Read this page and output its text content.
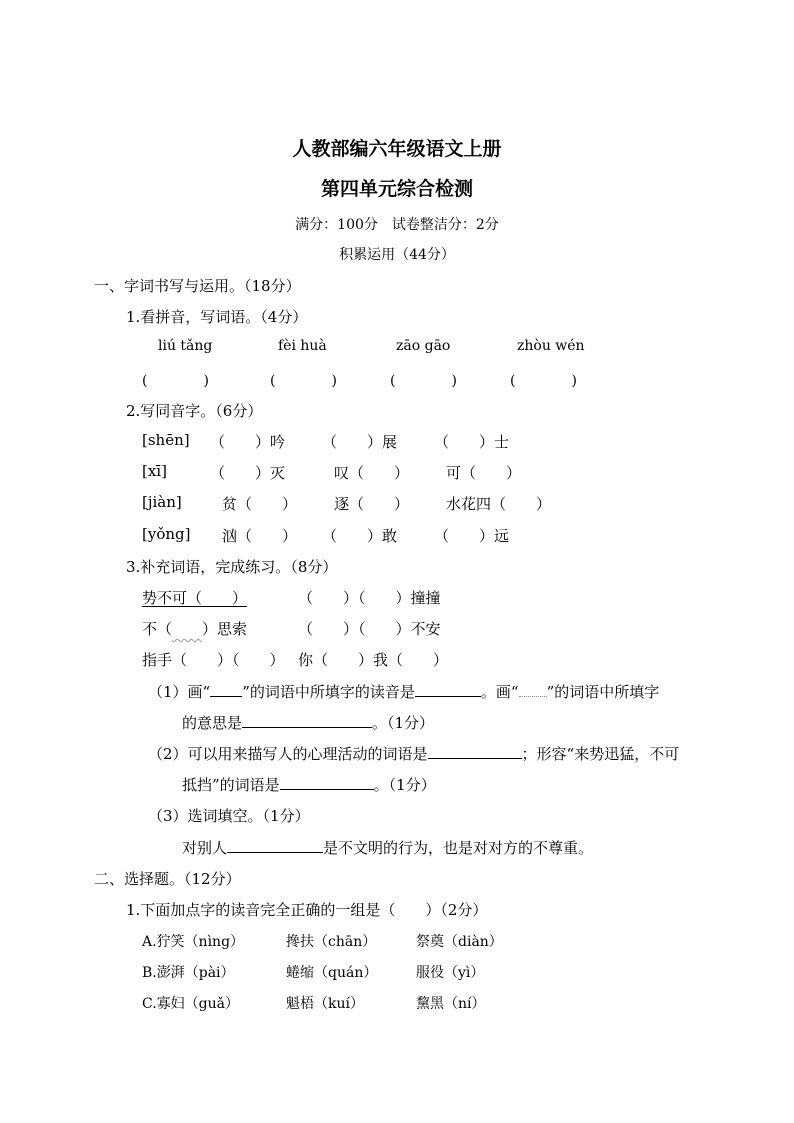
人教部编六年级语文上册
第四单元综合检测
满分：100分　试卷整洁分：2分
积累运用（44分）
一、字词书写与运用。（18分）
1.看拼音，写词语。（4分）
liú tǎng	fèi huà	zāo gāo	zhòu wén
(　　　　)	(　　　　)	(　　　　)	(　　　　)
2.写同音字。（6分）
[shēn] （　　）吟 （　　）展 （　　）士
[xī]	（　　）灭	叹（　　） 可（　　）
[jiàn]	贫（　　） 逐（　　） 水花四（　　）
[yǒng] 汹（　　） （　　）敢 （　　）远
3.补充词语，完成练习。（8分）
势不可（　　）	（　　）（　　）撞撞
不（　　 ）思索	（　　）（　　）不安
指手（　　）（　　） 你（　　）我（　　）
（1）画“ ”的词语中所填字的读音是	。画“ ”的词语中所填字
的意思是	。（1分）
（2）可以用来描写人的心理活动的词语是	；形容“来势迅猛，不可
抵挡”的词语是	。（1分）
（3）选词填空。（1分）
对别人	是不文明的行为，也是对对方的不尊重。
二、选择题。（12分）
1.下面加点字的读音完全正确的一组是（　　）（2分）
A.狞笑（nìng）	搀扶（chān）	祭奠（diàn）
B.澎湃（pài）	蜷缩（quán）	服役（yì）
C.寡妇（guǎ）	魁梧（kuí）	黧黑（ní）
